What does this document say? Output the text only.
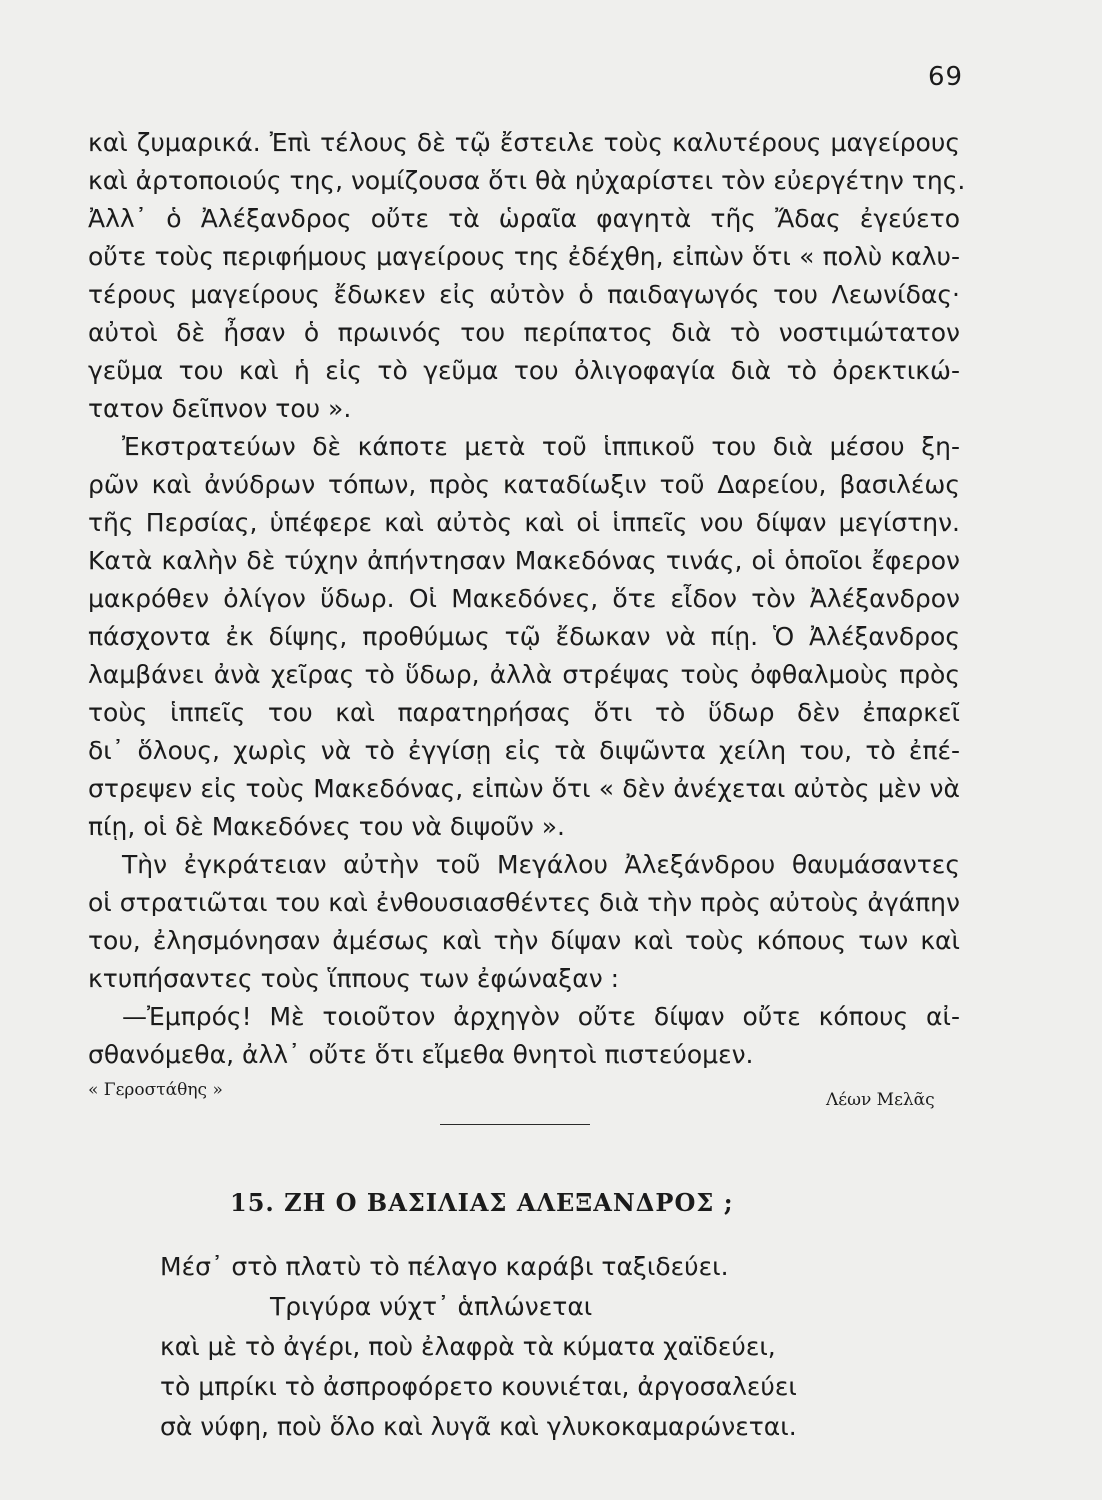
69
καὶ ζυμαρικά. Ἐπὶ τέλους δὲ τῷ ἔστειλε τοὺς καλυτέρους μαγείρους
καὶ ἀρτοποιούς της, νομίζουσα ὅτι θὰ ηὐχαρίστει τὸν εὐεργέτην της.
Ἀλλ᾽ ὁ Ἀλέξανδρος οὔτε τὰ ὡραῖα φαγητὰ τῆς Ἄδας ἐγεύετο
οὔτε τοὺς περιφήμους μαγείρους της ἐδέχθη, εἰπὼν ὅτι « πολὺ καλυ-
τέρους μαγείρους ἔδωκεν εἰς αὐτὸν ὁ παιδαγωγός του Λεωνίδας·
αὐτοὶ δὲ ἦσαν ὁ πρωινός του περίπατος διὰ τὸ νοστιμώτατον
γεῦμα του καὶ ἡ εἰς τὸ γεῦμα του ὀλιγοφαγία διὰ τὸ ὀρεκτικώ-
τατον δεῖπνον του ».
Ἐκστρατεύων δὲ κάποτε μετὰ τοῦ ἱππικοῦ του διὰ μέσου ξη-
ρῶν καὶ ἀνύδρων τόπων, πρὸς καταδίωξιν τοῦ Δαρείου, βασιλέως
τῆς Περσίας, ὑπέφερε καὶ αὐτὸς καὶ οἱ ἱππεῖς νου δίψαν μεγίστην.
Κατὰ καλὴν δὲ τύχην ἀπήντησαν Μακεδόνας τινάς, οἱ ὁποῖοι ἔφερον
μακρόθεν ὀλίγον ὕδωρ. Οἱ Μακεδόνες, ὅτε εἶδον τὸν Ἀλέξανδρον
πάσχοντα ἐκ δίψης, προθύμως τῷ ἔδωκαν νὰ πίῃ. Ὁ Ἀλέξανδρος
λαμβάνει ἀνὰ χεῖρας τὸ ὕδωρ, ἀλλὰ στρέψας τοὺς ὀφθαλμοὺς πρὸς
τοὺς ἱππεῖς του καὶ παρατηρήσας ὅτι τὸ ὕδωρ δὲν ἐπαρκεῖ
δι᾽ ὅλους, χωρὶς νὰ τὸ ἐγγίσῃ εἰς τὰ διψῶντα χείλη του, τὸ ἐπέ-
στρεψεν εἰς τοὺς Μακεδόνας, εἰπὼν ὅτι « δὲν ἀνέχεται αὐτὸς μὲν νὰ
πίῃ, οἱ δὲ Μακεδόνες του νὰ διψοῦν ».
Τὴν ἐγκράτειαν αὐτὴν τοῦ Μεγάλου Ἀλεξάνδρου θαυμάσαντες
οἱ στρατιῶται του καὶ ἐνθουσιασθέντες διὰ τὴν πρὸς αὐτοὺς ἀγάπην
του, ἐλησμόνησαν ἀμέσως καὶ τὴν δίψαν καὶ τοὺς κόπους των καὶ
κτυπήσαντες τοὺς ἵππους των ἐφώναξαν :
—Ἐμπρός! Μὲ τοιοῦτον ἀρχηγὸν οὔτε δίψαν οὔτε κόπους αἰ-
σθανόμεθα, ἀλλ᾽ οὔτε ὅτι εἴμεθα θνητοὶ πιστεύομεν.
« Γεροστάθης »	Λέων Μελᾶς
15. ΖΗ Ο ΒΑΣΙΛΙΑΣ ΑΛΕΞΑΝΔΡΟΣ ;
Μέσ᾽ στὸ πλατὺ τὸ πέλαγο καράβι ταξιδεύει.
Τριγύρα νύχτ᾽ ἁπλώνεται
καὶ μὲ τὸ ἀγέρι, ποὺ ἐλαφρὰ τὰ κύματα χαϊδεύει,
τὸ μπρίκι τὸ ἀσπροφόρετο κουνιέται, ἀργοσαλεύει
σὰ νύφη, ποὺ ὅλο καὶ λυγᾶ καὶ γλυκοκαμαρώνεται.
